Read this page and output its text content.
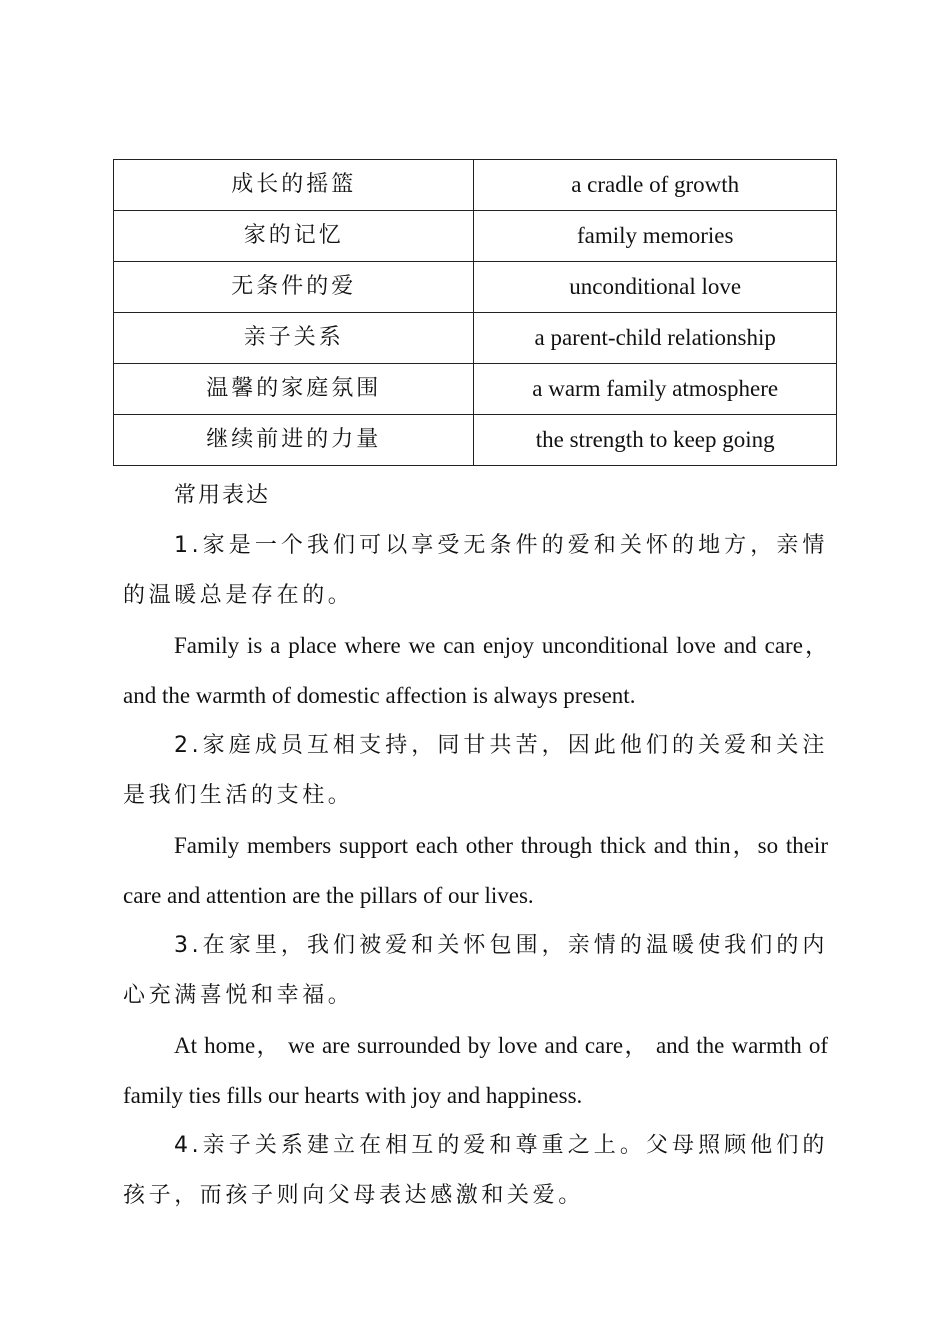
成长的摇篮	a cradle of growth
家的记忆	family memories
无条件的爱	unconditional love
亲子关系	a parent-child relationship
温馨的家庭氛围	a warm family atmosphere
继续前进的力量	the strength to keep going

常用表达

1.家是一个我们可以享受无条件的爱和关怀的地方，亲情的温暖总是存在的。

Family is a place where we can enjoy unconditional love and care，and the warmth of domestic affection is always present.

2.家庭成员互相支持，同甘共苦，因此他们的关爱和关注是我们生活的支柱。

Family members support each other through thick and thin，so their care and attention are the pillars of our lives.

3.在家里，我们被爱和关怀包围，亲情的温暖使我们的内心充满喜悦和幸福。

At home， we are surrounded by love and care， and the warmth of family ties fills our hearts with joy and happiness.

4.亲子关系建立在相互的爱和尊重之上。父母照顾他们的孩子，而孩子则向父母表达感激和关爱。
